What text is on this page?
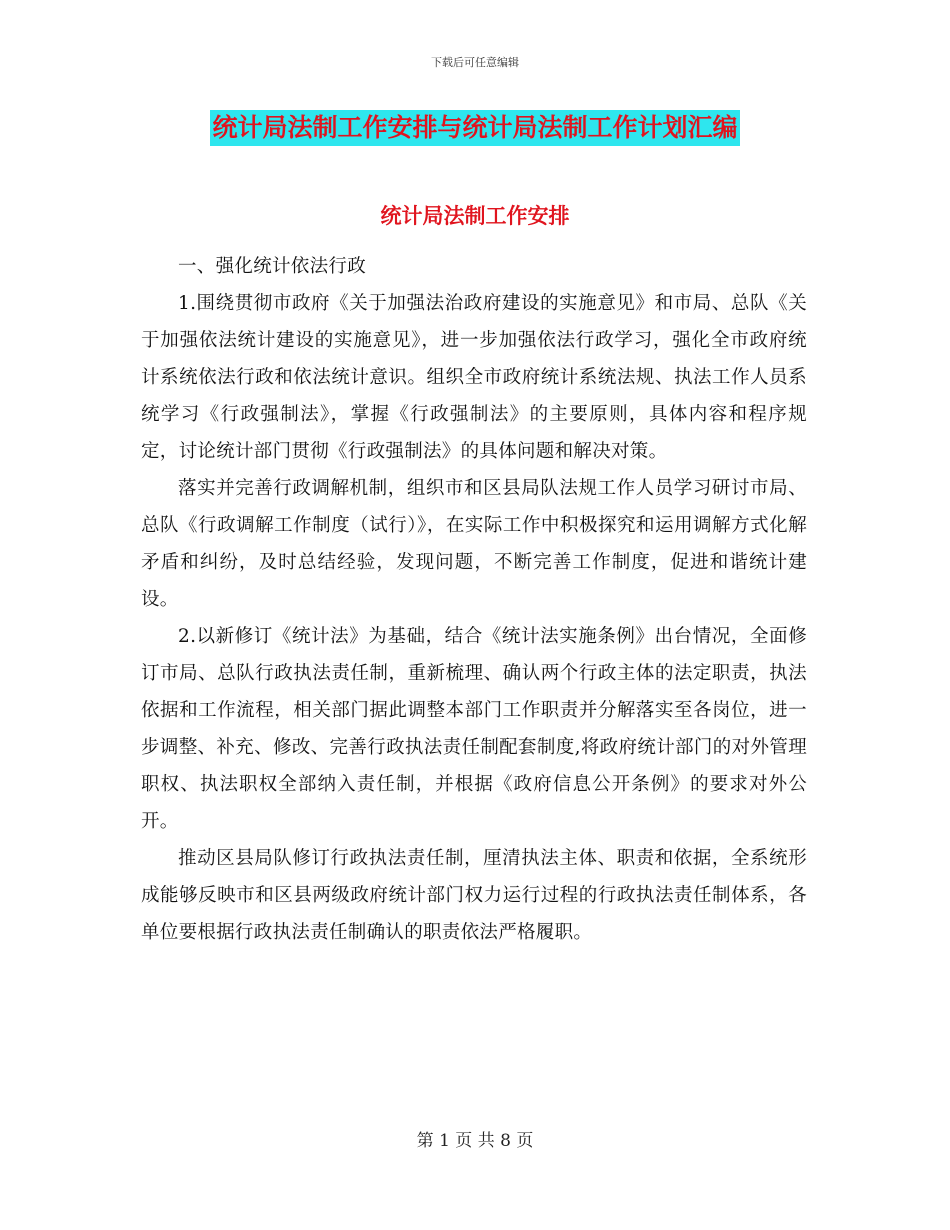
下载后可任意编辑
统计局法制工作安排与统计局法制工作计划汇编
统计局法制工作安排

一、强化统计依法行政

1.围绕贯彻市政府《关于加强法治政府建设的实施意见》和市局、总队《关于加强依法统计建设的实施意见》，进一步加强依法行政学习，强化全市政府统计系统依法行政和依法统计意识。组织全市政府统计系统法规、执法工作人员系统学习《行政强制法》，掌握《行政强制法》的主要原则，具体内容和程序规定，讨论统计部门贯彻《行政强制法》的具体问题和解决对策。

落实并完善行政调解机制，组织市和区县局队法规工作人员学习研讨市局、总队《行政调解工作制度（试行）》，在实际工作中积极探究和运用调解方式化解矛盾和纠纷，及时总结经验，发现问题，不断完善工作制度，促进和谐统计建设。

2.以新修订《统计法》为基础，结合《统计法实施条例》出台情况，全面修订市局、总队行政执法责任制，重新梳理、确认两个行政主体的法定职责，执法依据和工作流程，相关部门据此调整本部门工作职责并分解落实至各岗位，进一步调整、补充、修改、完善行政执法责任制配套制度,将政府统计部门的对外管理职权、执法职权全部纳入责任制，并根据《政府信息公开条例》的要求对外公开。

推动区县局队修订行政执法责任制，厘清执法主体、职责和依据，全系统形成能够反映市和区县两级政府统计部门权力运行过程的行政执法责任制体系，各单位要根据行政执法责任制确认的职责依法严格履职。

第 1 页 共 8 页
